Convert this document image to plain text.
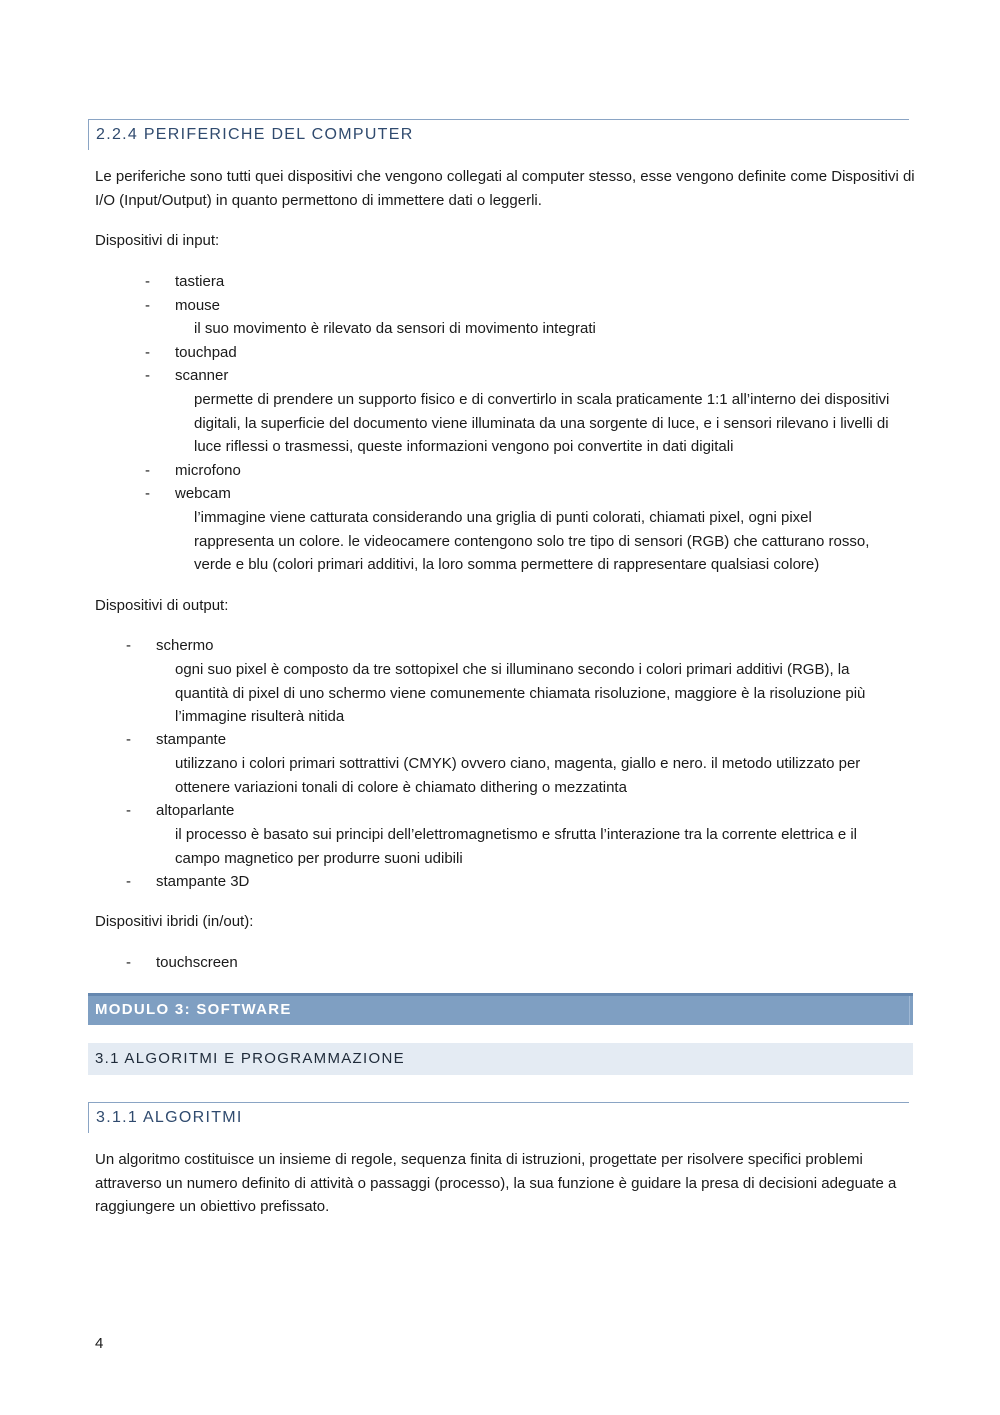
2.2.4 PERIFERICHE DEL COMPUTER

Le periferiche sono tutti quei dispositivi che vengono collegati al computer stesso, esse vengono definite come Dispositivi di I/O (Input/Output) in quanto permettono di immettere dati o leggerli.

Dispositivi di input:

- tastiera
- mouse

il suo movimento è rilevato da sensori di movimento integrati

- touchpad
- scanner

permette di prendere un supporto fisico e di convertirlo in scala praticamente 1:1 all’interno dei dispositivi digitali, la superficie del documento viene illuminata da una sorgente di luce, e i sensori rilevano i livelli di luce riflessi o trasmessi, queste informazioni vengono poi convertite in dati digitali

- microfono
- webcam

l’immagine viene catturata considerando una griglia di punti colorati, chiamati pixel, ogni pixel rappresenta un colore. le videocamere contengono solo tre tipo di sensori (RGB) che catturano rosso, verde e blu (colori primari additivi, la loro somma permettere di rappresentare qualsiasi colore)

Dispositivi di output:

- schermo

ogni suo pixel è composto da tre sottopixel che si illuminano secondo i colori primari additivi (RGB), la quantità di pixel di uno schermo viene comunemente chiamata risoluzione, maggiore è la risoluzione più l’immagine risulterà nitida

- stampante

utilizzano i colori primari sottrattivi (CMYK) ovvero ciano, magenta, giallo e nero. il metodo utilizzato per ottenere variazioni tonali di colore è chiamato dithering o mezzatinta

- altoparlante

il processo è basato sui principi dell’elettromagnetismo e sfrutta l’interazione tra la corrente elettrica e il campo magnetico per produrre suoni udibili

- stampante 3D

Dispositivi ibridi (in/out):

- touchscreen
MODULO 3: SOFTWARE
3.1 ALGORITMI E PROGRAMMAZIONE
3.1.1 ALGORITMI

Un algoritmo costituisce un insieme di regole, sequenza finita di istruzioni, progettate per risolvere specifici problemi attraverso un numero definito di attività o passaggi (processo), la sua funzione è guidare la presa di decisioni adeguate a raggiungere un obiettivo prefissato.

4
